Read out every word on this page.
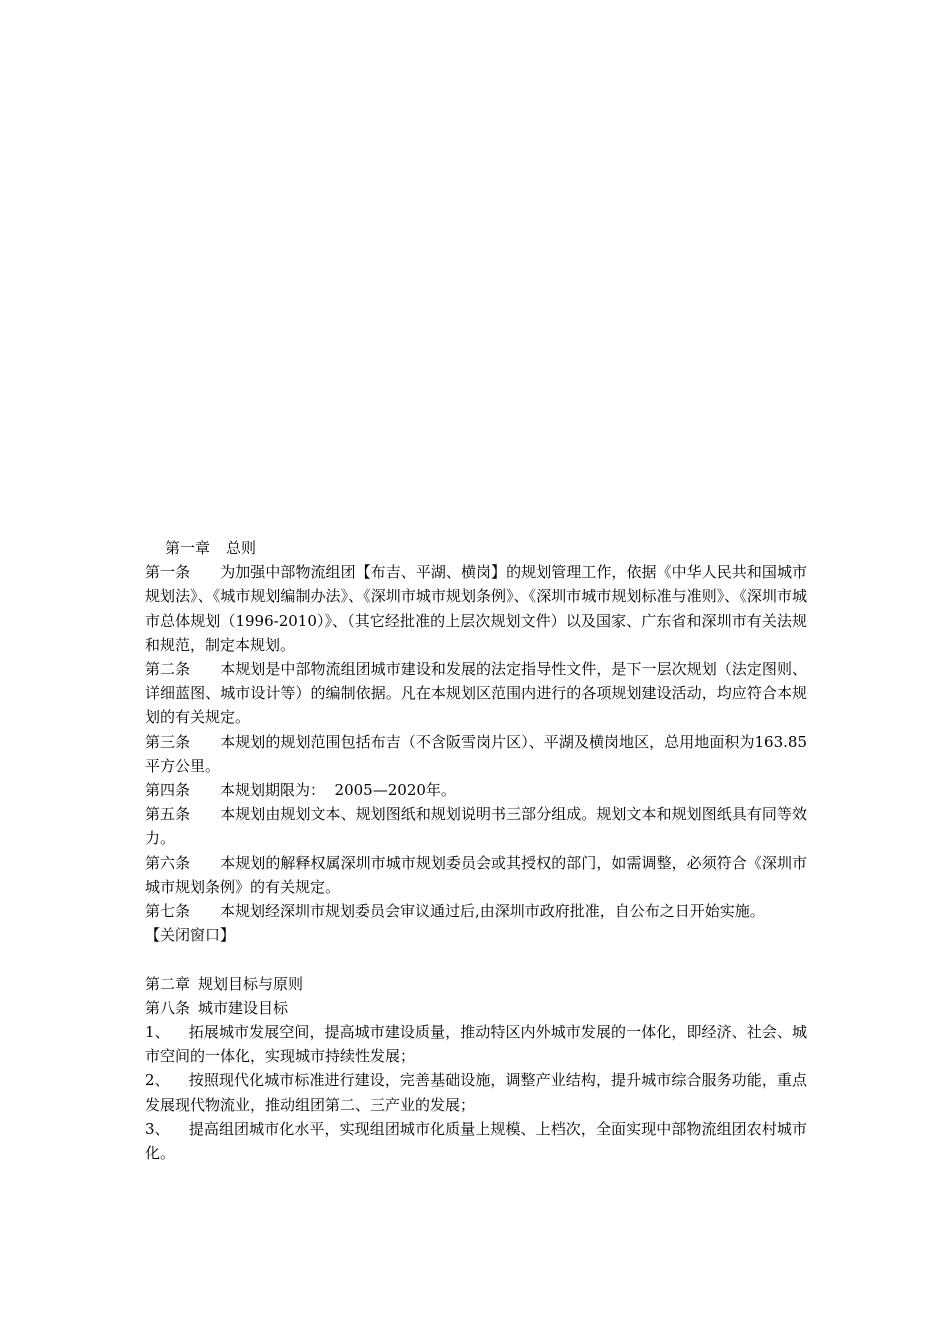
第一章 总则

第一条 为加强中部物流组团【布吉、平湖、横岗】的规划管理工作，依据《中华人民共和国城市规划法》、《城市规划编制办法》、《深圳市城市规划条例》、《深圳市城市规划标准与准则》、《深圳市城市总体规划（1996-2010）》、（其它经批准的上层次规划文件）以及国家、广东省和深圳市有关法规和规范，制定本规划。

第二条 本规划是中部物流组团城市建设和发展的法定指导性文件，是下一层次规划（法定图则、详细蓝图、城市设计等）的编制依据。凡在本规划区范围内进行的各项规划建设活动，均应符合本规划的有关规定。

第三条 本规划的规划范围包括布吉（不含阪雪岗片区）、平湖及横岗地区，总用地面积为163.85平方公里。

第四条 本规划期限为：  2005—2020年。

第五条 本规划由规划文本、规划图纸和规划说明书三部分组成。规划文本和规划图纸具有同等效力。

第六条 本规划的解释权属深圳市城市规划委员会或其授权的部门，如需调整，必须符合《深圳市城市规划条例》的有关规定。

第七条 本规划经深圳市规划委员会审议通过后,由深圳市政府批准，自公布之日开始实施。

【关闭窗口】

第二章 规划目标与原则

第八条 城市建设目标

1、 拓展城市发展空间，提高城市建设质量，推动特区内外城市发展的一体化，即经济、社会、城市空间的一体化，实现城市持续性发展；

2、 按照现代化城市标准进行建设，完善基础设施，调整产业结构，提升城市综合服务功能，重点发展现代物流业，推动组团第二、三产业的发展；

3、 提高组团城市化水平，实现组团城市化质量上规模、上档次，全面实现中部物流组团农村城市化。
